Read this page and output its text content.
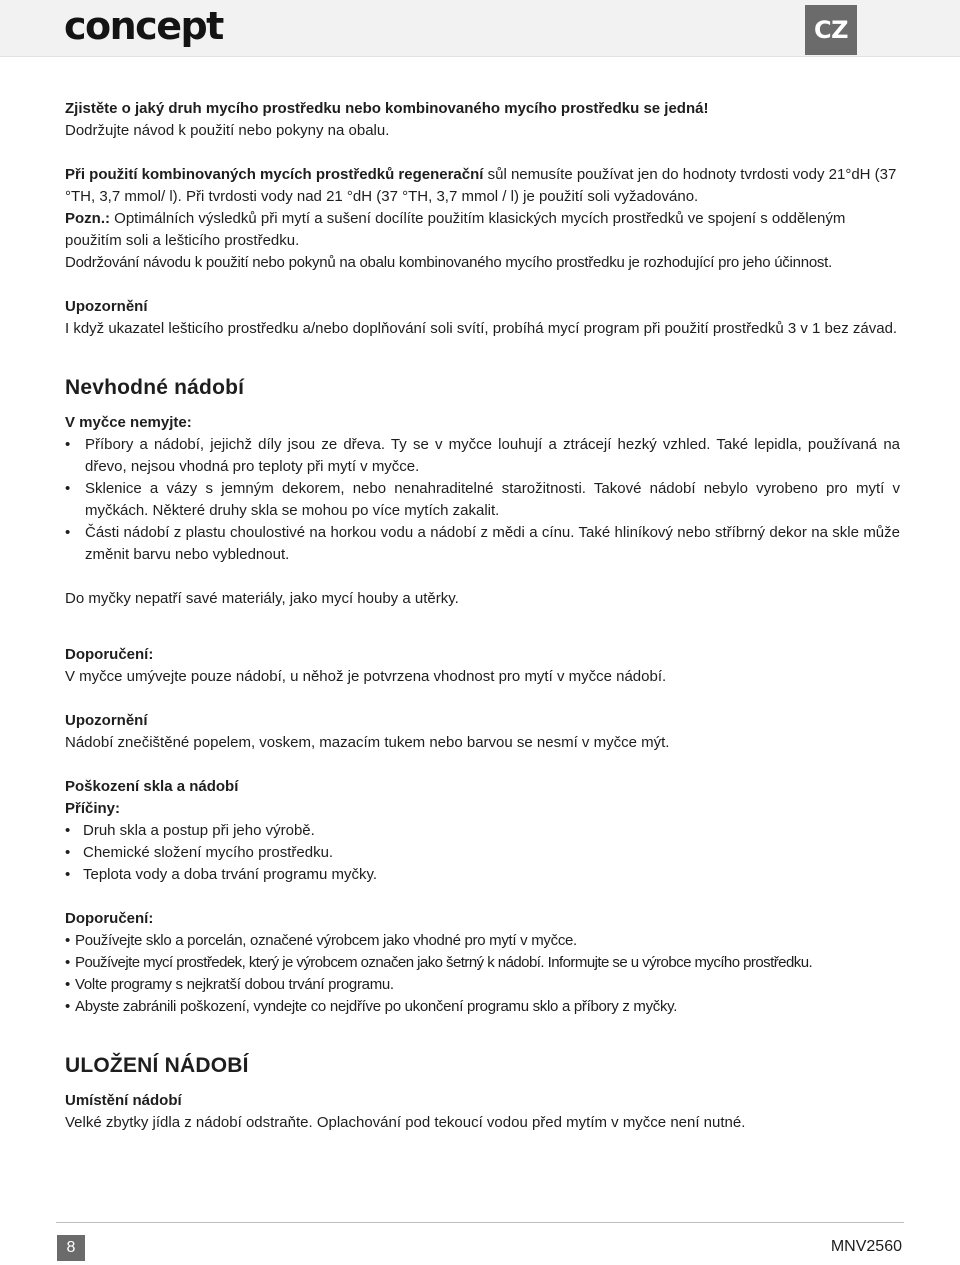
concept	CZ

Zjistěte o jaký druh mycího prostředku nebo kombinovaného mycího prostředku se jedná!

Dodržujte návod k použití nebo pokyny na obalu.

Při použití kombinovaných mycích prostředků regenerační sůl nemusíte používat jen do hodnoty tvrdosti vody 21°dH (37 °TH, 3,7 mmol/ l). Při tvrdosti vody nad 21 °dH (37 °TH, 3,7 mmol / l) je použití soli vyžadováno.

Pozn.: Optimálních výsledků při mytí a sušení docílíte použitím klasických mycích prostředků ve spojení s odděleným použitím soli a lešticího prostředku.

Dodržování návodu k použití nebo pokynů na obalu kombinovaného mycího prostředku je rozhodující pro jeho účinnost.

Upozornění

I když ukazatel lešticího prostředku a/nebo doplňování soli svítí, probíhá mycí program při použití prostředků 3 v 1 bez závad.

Nevhodné nádobí

V myčce nemyjte:

• Příbory a nádobí, jejichž díly jsou ze dřeva. Ty se v myčce louhují a ztrácejí hezký vzhled. Také lepidla, používaná na dřevo, nejsou vhodná pro teploty při mytí v myčce.
• Sklenice a vázy s jemným dekorem, nebo nenahraditelné starožitnosti. Takové nádobí nebylo vyrobeno pro mytí v myčkách. Některé druhy skla se mohou po více mytích zakalit.
• Části nádobí z plastu choulostivé na horkou vodu a nádobí z mědi a cínu. Také hliníkový nebo stříbrný dekor na skle může změnit barvu nebo vyblednout.

Do myčky nepatří savé materiály, jako mycí houby a utěrky.

Doporučení:

V myčce umývejte pouze nádobí, u něhož je potvrzena vhodnost pro mytí v myčce nádobí.

Upozornění

Nádobí znečištěné popelem, voskem, mazacím tukem nebo barvou se nesmí v myčce mýt.

Poškození skla a nádobí

Příčiny:

• Druh skla a postup při jeho výrobě.
• Chemické složení mycího prostředku.
• Teplota vody a doba trvání programu myčky.

Doporučení:

• Používejte sklo a porcelán, označené výrobcem jako vhodné pro mytí v myčce.
• Používejte mycí prostředek, který je výrobcem označen jako šetrný k nádobí. Informujte se u výrobce mycího prostředku.
• Volte programy s nejkratší dobou trvání programu.
• Abyste zabránili poškození, vyndejte co nejdříve po ukončení programu sklo a příbory z myčky.

ULOŽENÍ NÁDOBÍ

Umístění nádobí

Velké zbytky jídla z nádobí odstraňte. Oplachování pod tekoucí vodou před mytím v myčce není nutné.

8	MNV2560
